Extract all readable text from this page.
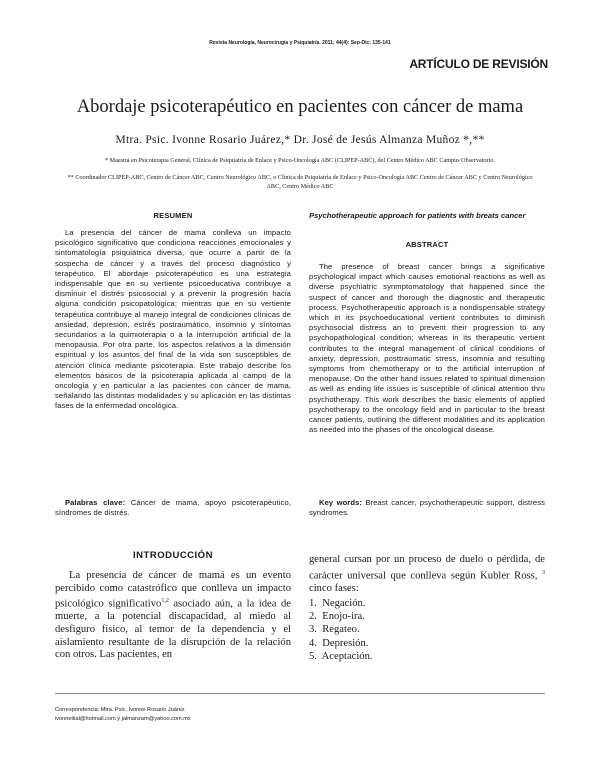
Revista Neurología, Neurocirugía y Psiquiatría. 2011; 44(4): Sep-Dic: 135-141
ARTÍCULO DE REVISIÓN
Abordaje psicoterapéutico en pacientes con cáncer de mama
Mtra. Psic. Ivonne Rosario Juárez,* Dr. José de Jesús Almanza Muñoz *,**
* Maestra en Psicoterapia General, Clínica de Psiquiatría de Enlace y Psico-Oncología ABC (CLIPEP-ABC), del Centro Médico ABC Campus Observatorio.
** Coordinador CLIPEP-ABC, Centro de Cáncer ABC, Centro Neurológico ABC, o Clínica de Psiquiatría de Enlace y Psico-Oncología ABC Centro de Cáncer ABC y Centro Neurológico ABC, Centro Médico ABC
RESUMEN
La presencia del cáncer de mama conlleva un impacto psicológico significativo que condiciona reacciones emocionales y sintomatología psiquiátrica diversa, que ocurre a partir de la sospecha de cáncer y a través del proceso diagnóstico y terapéutico. El abordaje psicoterapéutico es una estrategia indispensable que en su vertiente psicoeducativa contribuye a disminuir el distrés psicosocial y a prevenir la progresión hacia alguna condición psicopatológica; mientras que en su vertiente terapéutica contribuye al manejo integral de condiciones clínicas de ansiedad, depresión, estrés postraumático, insomnio y síntomas secundarios a la quimioterapia o a la interrupción artificial de la menopausia. Por otra parte, los aspectos relativos a la dimensión espiritual y los asuntos del final de la vida son susceptibles de atención clínica mediante psicoterapia. Este trabajo describe los elementos básicos de la psicoterapia aplicada al campo de la oncología y en particular a las pacientes con cáncer de mama, señalando las distintas modalidades y su aplicación en las distintas fases de la enfermedad oncológica.
Palabras clave: Cáncer de mama, apoyo psicoterapéutico, síndromes de distrés.
Psychotherapeutic approach for patients with breats cancer
ABSTRACT
The presence of breast cancer brings a significative psychological impact which causes emotional reactions as well as diverse psychiatric synmptomatology that happened since the suspect of cancer and thorough the diagnostic and therapeutic process. Psychotherapeutic approach is a nondispensable strategy which in its psychoeducational vertient contributes to diminish psychosocial distress an to prevent their progression to any psychopathological condition; whereas in its therapeutic vertient contributes to the integral management of clinical conditions of anxiety, depression, posttraumatic stress, insomnia and resulting symptoms from chemotherapy or to the artificial interruption of menopause. On the other hand issues related to spiritual dimension as well as ending life issues is susceptible of clinical attention thru psychotherapy. This work describes the basic elements of applied psychotherapy to the oncology field and in particular to the breast cancer patients, outlining the different modalities and its application as needed into the phases of the oncological disease.
Key words: Breast cancer, psychotherapeutic support, distress syndromes.
INTRODUCCIÓN
La presencia de cáncer de mamá es un evento percibido como catastrófico que conlleva un impacto psicológico significativo$^{1,2}$ asociado aún, a la idea de muerte, a la potencial discapacidad, al miedo al desfiguro físico, al temor de la dependencia y el aislamiento resultante de la disrupción de la relación con otros. Las pacientes, en
general cursan por un proceso de duelo o pérdida, de carácter universal que conlleva según Kubler Ross, $^3$ cinco fases:
1.  Negación.
2.  Enojo-ira.
3.  Regateo.
4.  Depresión.
5.  Aceptación.
Correspondencia: Mtra. Psic. Ivonne Rosario Juárez
ivonneikal@hotmail.com y jalmanzam@yahoo.com.mx
